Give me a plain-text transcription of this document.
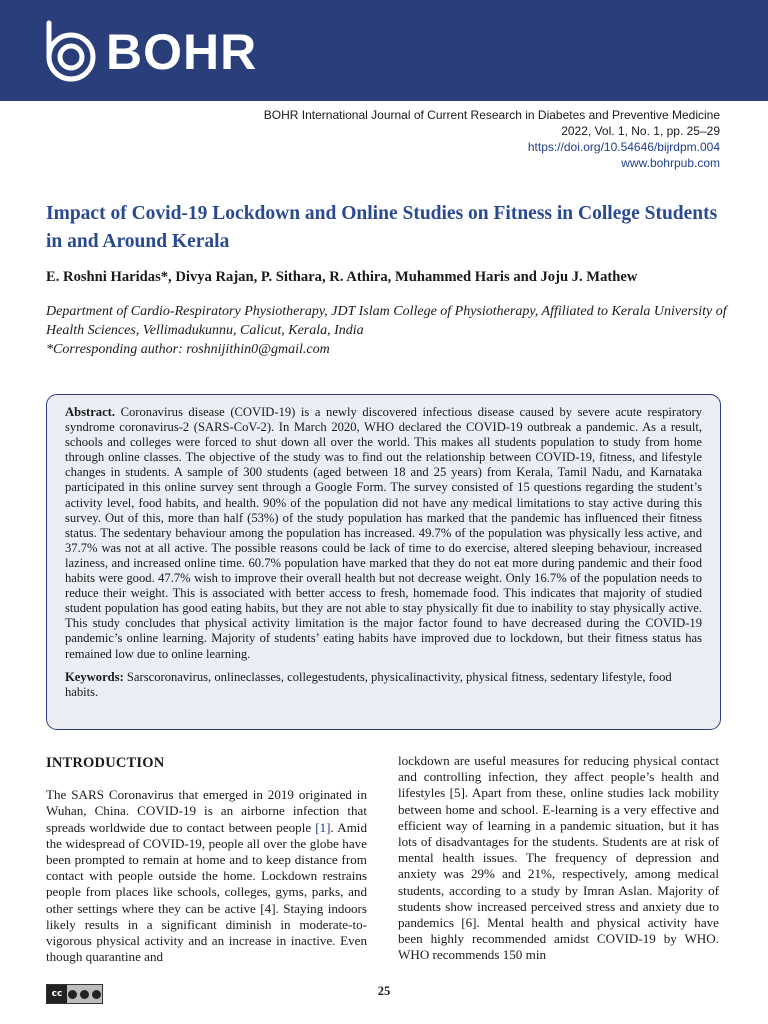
BOHR
BOHR International Journal of Current Research in Diabetes and Preventive Medicine
2022, Vol. 1, No. 1, pp. 25–29
https://doi.org/10.54646/bijrdpm.004
www.bohrpub.com
Impact of Covid-19 Lockdown and Online Studies on Fitness in College Students in and Around Kerala
E. Roshni Haridas*, Divya Rajan, P. Sithara, R. Athira, Muhammed Haris and Joju J. Mathew
Department of Cardio-Respiratory Physiotherapy, JDT Islam College of Physiotherapy, Affiliated to Kerala University of Health Sciences, Vellimadukunnu, Calicut, Kerala, India
*Corresponding author: roshnijithin0@gmail.com

Abstract. Coronavirus disease (COVID-19) is a newly discovered infectious disease caused by severe acute respiratory syndrome coronavirus-2 (SARS-CoV-2). In March 2020, WHO declared the COVID-19 outbreak a pandemic. As a result, schools and colleges were forced to shut down all over the world. This makes all students population to study from home through online classes. The objective of the study was to find out the relationship between COVID-19, fitness, and lifestyle changes in students. A sample of 300 students (aged between 18 and 25 years) from Kerala, Tamil Nadu, and Karnataka participated in this online survey sent through a Google Form. The survey consisted of 15 questions regarding the student’s activity level, food habits, and health. 90% of the population did not have any medical limitations to stay active during this survey. Out of this, more than half (53%) of the study population has marked that the pandemic has influenced their fitness status. The sedentary behaviour among the population has increased. 49.7% of the population was physically less active, and 37.7% was not at all active. The possible reasons could be lack of time to do exercise, altered sleeping behaviour, increased laziness, and increased online time. 60.7% population have marked that they do not eat more during pandemic and their food habits were good. 47.7% wish to improve their overall health but not decrease weight. Only 16.7% of the population needs to reduce their weight. This is associated with better access to fresh, homemade food. This indicates that majority of studied student population has good eating habits, but they are not able to stay physically fit due to inability to stay physically active. This study concludes that physical activity limitation is the major factor found to have decreased during the COVID-19 pandemic’s online learning. Majority of students’ eating habits have improved due to lockdown, but their fitness status has remained low due to online learning.

Keywords: Sarscoronavirus, onlineclasses, collegestudents, physicalinactivity, physical fitness, sedentary lifestyle, food habits.

INTRODUCTION

The SARS Coronavirus that emerged in 2019 originated in Wuhan, China. COVID-19 is an airborne infection that spreads worldwide due to contact between people [1]. Amid the widespread of COVID-19, people all over the globe have been prompted to remain at home and to keep distance from contact with people outside the home. Lockdown restrains people from places like schools, colleges, gyms, parks, and other settings where they can be active [4]. Staying indoors likely results in a significant diminish in moderate-to-vigorous physical activity and an increase in inactive. Even though quarantine and

lockdown are useful measures for reducing physical contact and controlling infection, they affect people’s health and lifestyles [5]. Apart from these, online studies lack mobility between home and school. E-learning is a very effective and efficient way of learning in a pandemic situation, but it has lots of disadvantages for the students. Students are at risk of mental health issues. The frequency of depression and anxiety was 29% and 21%, respectively, among medical students, according to a study by Imran Aslan. Majority of students show increased perceived stress and anxiety due to pandemics [6]. Mental health and physical activity have been highly recommended amidst COVID-19 by WHO. WHO recommends 150 min

cc	25
